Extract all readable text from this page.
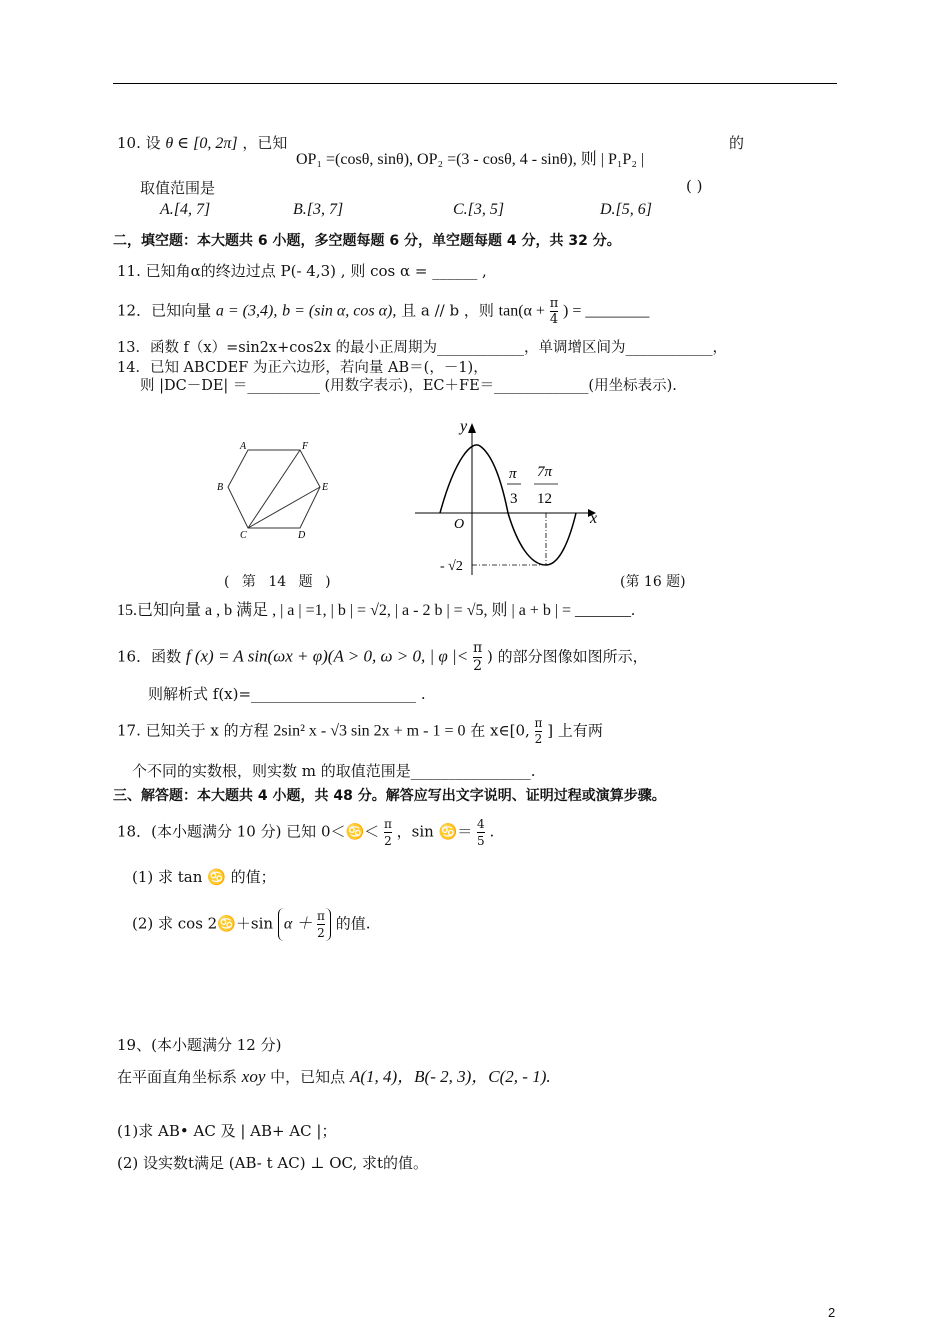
10. 设 θ ∈ [0, 2π] ，已知
OP₁ =(cosθ, sinθ), OP₂ =(3 - cosθ, 4 - sinθ), 则 | P₁P₂ |
的
取值范围是	( )
A.[4, 7]	B.[3, 7]	C.[3, 5]	D.[5, 6]
二，填空题：本大题共 6 小题，多空题每题 6 分，单空题每题 4 分，共 32 分。
11. 已知角α的终边过点 P(- 4,3) , 则 cos α = ______ ,
12．已知向量 a = (3,4), b = (sin α, cos α), 且 a // b ，则 $\tan(\alpha + \frac{\pi}{4}$ ) = ________
13．函数 f（x）=sin2x+cos2x 的最小正周期为____________，单调增区间为____________，
14．已知 ABCDEF 为正六边形，若向量 AB＝(，－1)，
则 |DC－DE| ＝__________ (用数字表示)，EC＋FE＝_____________(用坐标表示).
A	F
B	E
C	D
y
x
O
π
3
7π
12
- √2
( 第 14 题 )	(第 16 题)
15.已知向量 a , b 满足 , | a | =1, | b | = √2, | a - 2 b | = √5, 则 | a + b | = _______.
16．函数 f (x) = A sin(ωx + φ)(A > 0, ω > 0, | φ |< $\frac{\pi}{2}$ ) 的部分图像如图所示，
则解析式 f(x)=______________________ .
17. 已知关于 x 的方程 2sin² x - √3 sin 2x + m - 1 = 0 在 x∈[0, $\frac{\pi}{2}$ ] 上有两
个不同的实数根，则实数 m 的取值范围是________________.
三、解答题：本大题共 4 小题，共 48 分。解答应写出文字说明、证明过程或演算步骤。
18．(本小题满分 10 分) 已知 0＜♋＜ $\frac{\pi}{2}$ ，sin ♋＝ $\frac{4}{5}$ .
(1) 求 tan ♋ 的值；
(2) 求 cos 2♋＋sin $\alpha + \frac{\pi}{2}$ 的值.
19、(本小题满分 12 分)
在平面直角坐标系 xoy 中，已知点 A(1, 4)，B(- 2, 3)，C(2, - 1).
(1)求 AB• AC 及 | AB+ AC |；
(2) 设实数t满足 (AB- t AC) ⊥ OC, 求t的值。
2
